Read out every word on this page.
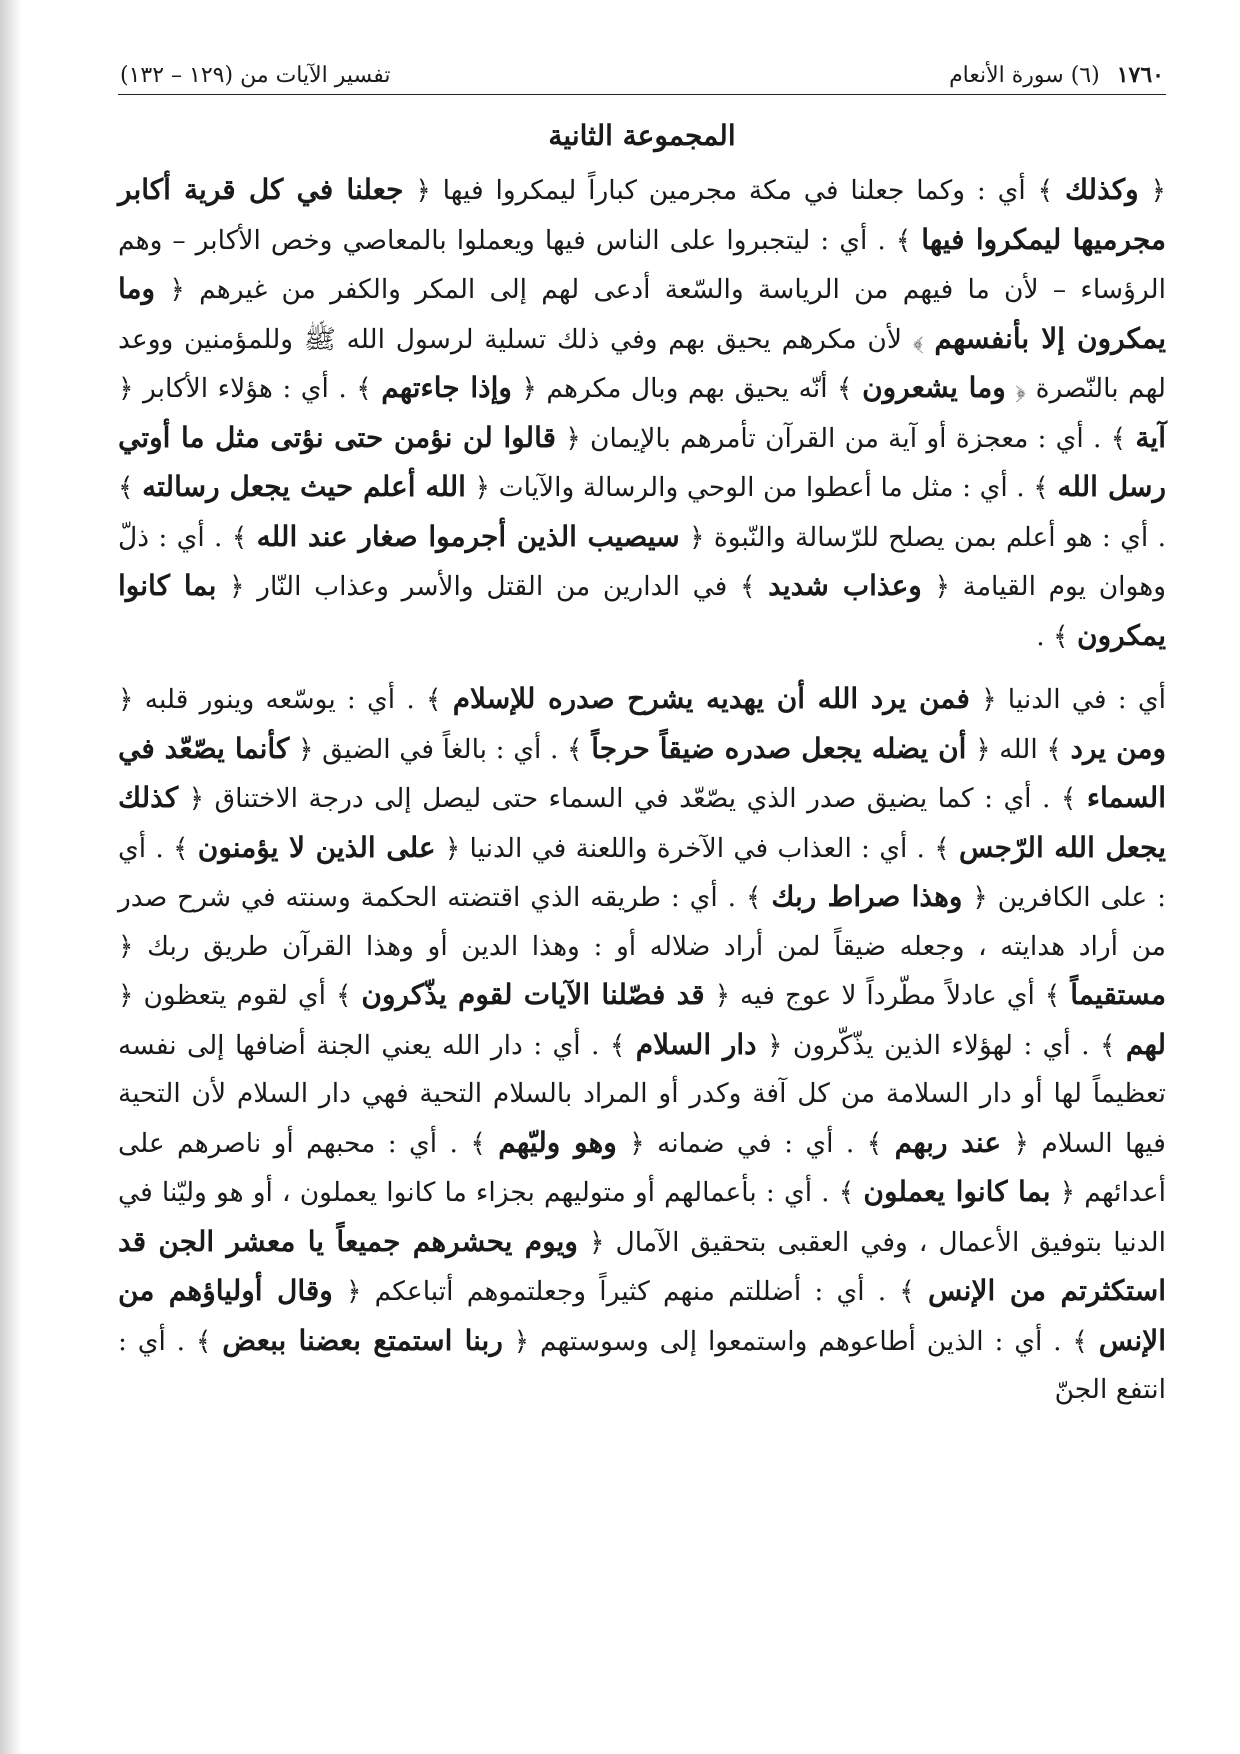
١٧٦٠ (٦) سورة الأنعام
تفسير الآيات من (١٢٩ – ١٣٢)
المجموعة الثانية

﴿ وكذلك ﴾ أي : وكما جعلنا في مكة مجرمين كباراً ليمكروا فيها ﴿ جعلنا في كل قرية أكابر مجرميها ليمكروا فيها ﴾ . أي : ليتجبروا على الناس فيها ويعملوا بالمعاصي وخص الأكابر – وهم الرؤساء – لأن ما فيهم من الرياسة والسّعة أدعى لهم إلى المكر والكفر من غيرهم ﴿ وما يمكرون إلا بأنفسهم ﴾ لأن مكرهم يحيق بهم وفي ذلك تسلية لرسول الله ﷺ وللمؤمنين ووعد لهم بالنّصرة ﴿ وما يشعرون ﴾ أنّه يحيق بهم وبال مكرهم ﴿ وإذا جاءتهم ﴾ . أي : هؤلاء الأكابر ﴿ آية ﴾ . أي : معجزة أو آية من القرآن تأمرهم بالإيمان ﴿ قالوا لن نؤمن حتى نؤتى مثل ما أوتي رسل الله ﴾ . أي : مثل ما أعطوا من الوحي والرسالة والآيات ﴿ الله أعلم حيث يجعل رسالته ﴾ . أي : هو أعلم بمن يصلح للرّسالة والنّبوة ﴿ سيصيب الذين أجرموا صغار عند الله ﴾ . أي : ذلّ وهوان يوم القيامة ﴿ وعذاب شديد ﴾ في الدارين من القتل والأسر وعذاب النّار ﴿ بما كانوا يمكرون ﴾ .

أي : في الدنيا ﴿ فمن يرد الله أن يهديه يشرح صدره للإسلام ﴾ . أي : يوسّعه وينور قلبه ﴿ ومن يرد ﴾ الله ﴿ أن يضله يجعل صدره ضيقاً حرجاً ﴾ . أي : بالغاً في الضيق ﴿ كأنما يصّعّد في السماء ﴾ . أي : كما يضيق صدر الذي يصّعّد في السماء حتى ليصل إلى درجة الاختناق ﴿ كذلك يجعل الله الرّجس ﴾ . أي : العذاب في الآخرة واللعنة في الدنيا ﴿ على الذين لا يؤمنون ﴾ . أي : على الكافرين ﴿ وهذا صراط ربك ﴾ . أي : طريقه الذي اقتضته الحكمة وسنته في شرح صدر من أراد هدايته ، وجعله ضيقاً لمن أراد ضلاله أو : وهذا الدين أو وهذا القرآن طريق ربك ﴿ مستقيماً ﴾ أي عادلاً مطّرداً لا عوج فيه ﴿ قد فصّلنا الآيات لقوم يذّكرون ﴾ أي لقوم يتعظون ﴿ لهم ﴾ . أي : لهؤلاء الذين يذّكّرون ﴿ دار السلام ﴾ . أي : دار الله يعني الجنة أضافها إلى نفسه تعظيماً لها أو دار السلامة من كل آفة وكدر أو المراد بالسلام التحية فهي دار السلام لأن التحية فيها السلام ﴿ عند ربهم ﴾ . أي : في ضمانه ﴿ وهو وليّهم ﴾ . أي : محبهم أو ناصرهم على أعدائهم ﴿ بما كانوا يعملون ﴾ . أي : بأعمالهم أو متوليهم بجزاء ما كانوا يعملون ، أو هو وليّنا في الدنيا بتوفيق الأعمال ، وفي العقبى بتحقيق الآمال ﴿ ويوم يحشرهم جميعاً يا معشر الجن قد استكثرتم من الإنس ﴾ . أي : أضللتم منهم كثيراً وجعلتموهم أتباعكم ﴿ وقال أولياؤهم من الإنس ﴾ . أي : الذين أطاعوهم واستمعوا إلى وسوستهم ﴿ ربنا استمتع بعضنا ببعض ﴾ . أي : انتفع الجنّ
